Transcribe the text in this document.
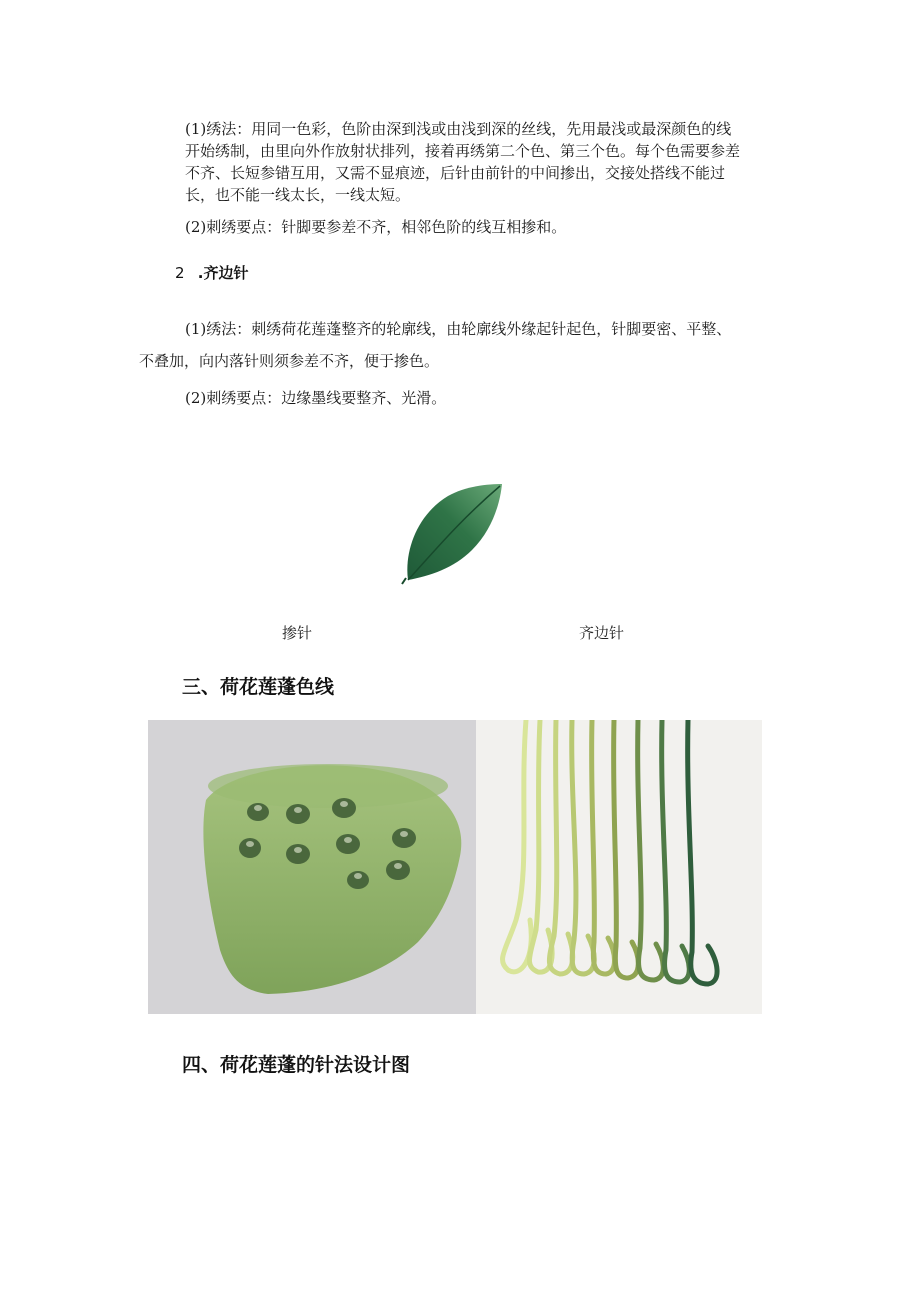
(1)绣法：用同一色彩，色阶由深到浅或由浅到深的丝线，先用最浅或最深颜色的线
开始绣制，由里向外作放射状排列，接着再绣第二个色、第三个色。每个色需要参差
不齐、长短参错互用，又需不显痕迹，后针由前针的中间掺出，交接处搭线不能过
长，也不能一线太长，一线太短。

(2)刺绣要点：针脚要参差不齐，相邻色阶的线互相掺和。

2 .齐边针

(1)绣法：刺绣荷花莲蓬整齐的轮廓线，由轮廓线外缘起针起色，针脚要密、平整、

不叠加，向内落针则须参差不齐，便于掺色。

(2)刺绣要点：边缘墨线要整齐、光滑。

掺针	齐边针
三、荷花莲蓬色线
四、荷花莲蓬的针法设计图
